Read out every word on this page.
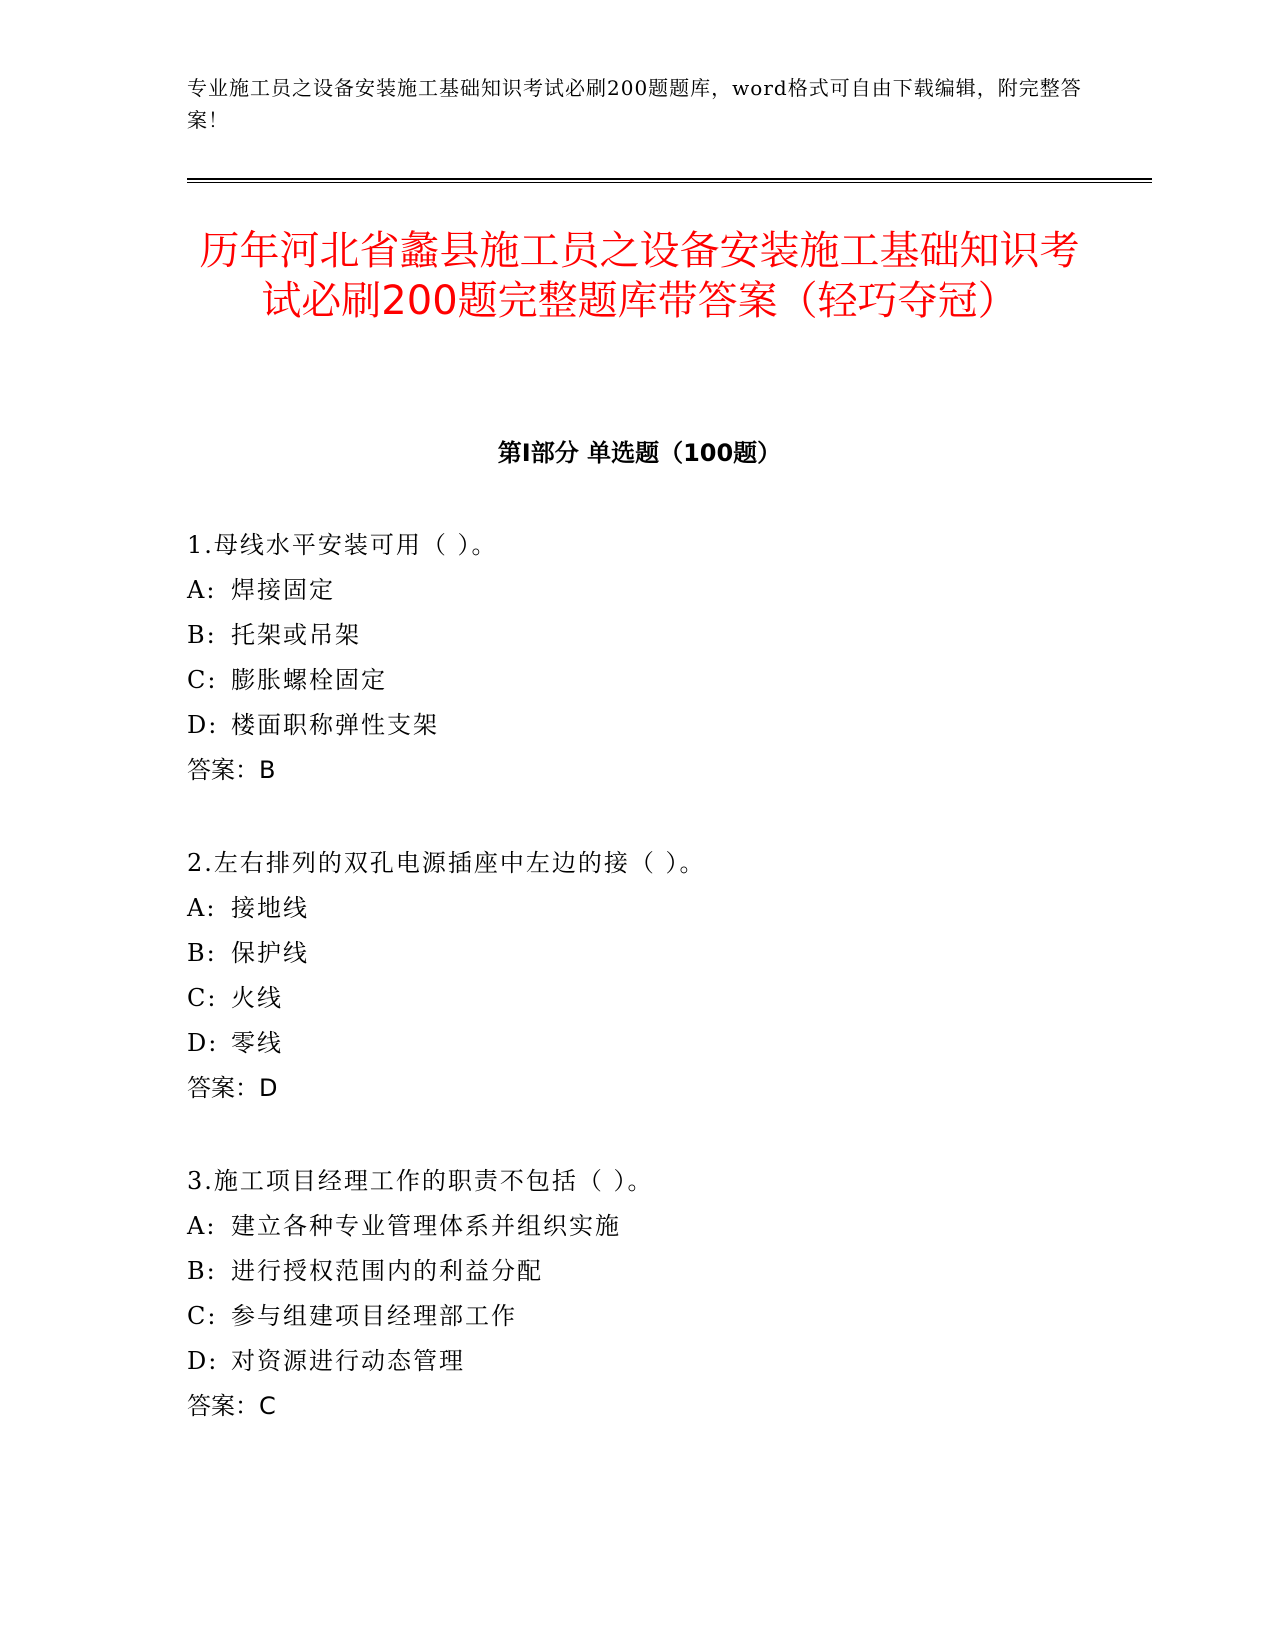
专业施工员之设备安装施工基础知识考试必刷200题题库，word格式可自由下载编辑，附完整答案！
历年河北省蠡县施工员之设备安装施工基础知识考试必刷200题完整题库带答案（轻巧夺冠）
第Ⅰ部分 单选题（100题）
1.母线水平安装可用（ ）。
A: 焊接固定
B: 托架或吊架
C: 膨胀螺栓固定
D: 楼面职称弹性支架
答案：B
2.左右排列的双孔电源插座中左边的接（ ）。
A: 接地线
B: 保护线
C: 火线
D: 零线
答案：D
3.施工项目经理工作的职责不包括（ ）。
A: 建立各种专业管理体系并组织实施
B: 进行授权范围内的利益分配
C: 参与组建项目经理部工作
D: 对资源进行动态管理
答案：C
